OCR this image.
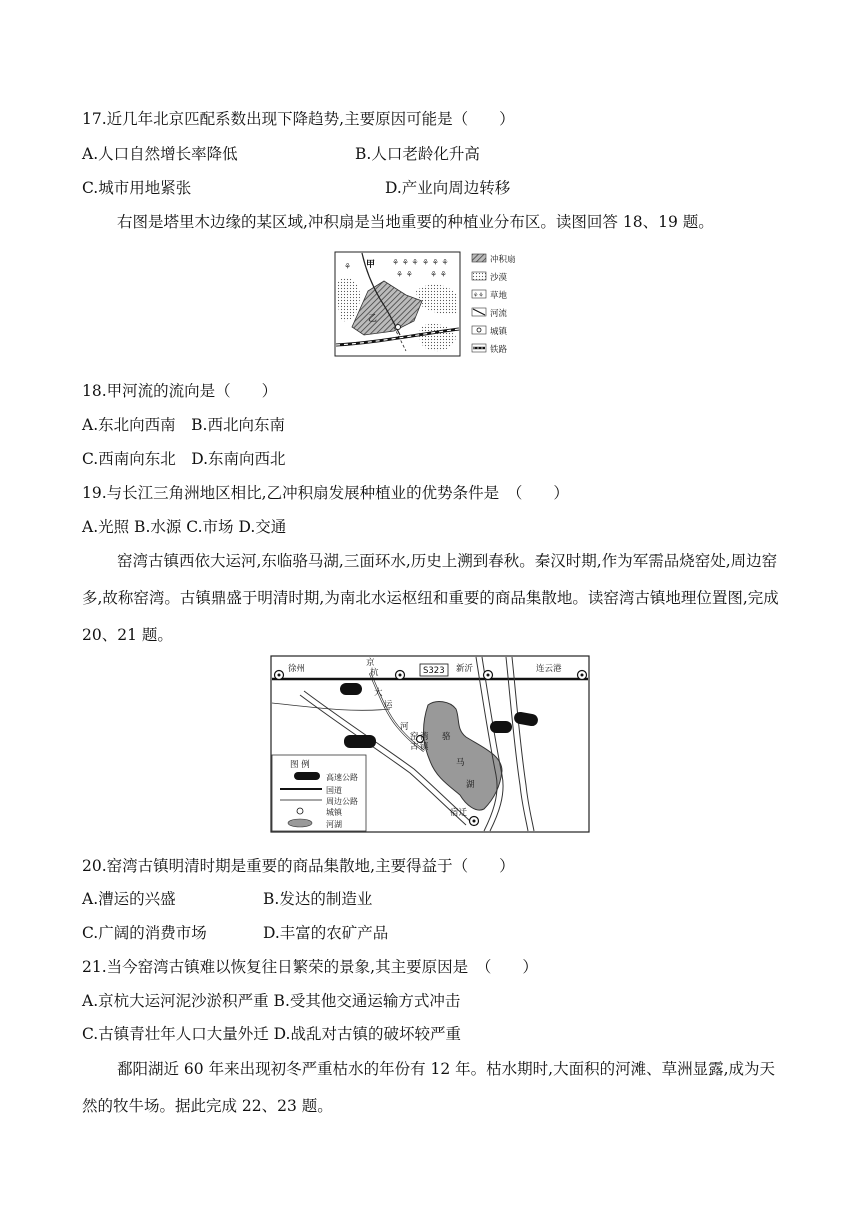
17.近几年北京匹配系数出现下降趋势,主要原因可能是（　　）
A.人口自然增长率降低	B.人口老龄化升高
C.城市用地紧张	D.产业向周边转移
右图是塔里木边缘的某区域,冲积扇是当地重要的种植业分布区。读图回答 18、19 题。
⚘ ⚘ ⚘ ⚘ ⚘ ⚘
⚘ ⚘ ⚘ ⚘
⚘ 甲
乙
冲积扇
沙漠
⚘⚘ 草地
河流
城镇
铁路
18.甲河流的流向是（　　）
A.东北向西南　B.西北向东南
C.西南向东北　D.东南向西北
19.与长江三角洲地区相比,乙冲积扇发展种植业的优势条件是　（　　）
A.光照 B.水源 C.市场 D.交通
窑湾古镇西依大运河,东临骆马湖,三面环水,历史上溯到春秋。秦汉时期,作为军需品烧窑处,周边窑多,故称窑湾。古镇鼎盛于明清时期,为南北水运枢纽和重要的商品集散地。读窑湾古镇地理位置图,完成 20、21 题。
徐州
京
杭	S323 新沂	连云港
大
运
河
窑 湾
古 镇
骆
马
湖
宿迁
图 例
高速公路
国道
周边公路
城镇
河湖
20.窑湾古镇明清时期是重要的商品集散地,主要得益于（　　）
A.漕运的兴盛	B.发达的制造业
C.广阔的消费市场	D.丰富的农矿产品
21.当今窑湾古镇难以恢复往日繁荣的景象,其主要原因是　（　　）
A.京杭大运河泥沙淤积严重 B.受其他交通运输方式冲击
C.古镇青壮年人口大量外迁 D.战乱对古镇的破坏较严重
鄱阳湖近 60 年来出现初冬严重枯水的年份有 12 年。枯水期时,大面积的河滩、草洲显露,成为天然的牧牛场。据此完成 22、23 题。
